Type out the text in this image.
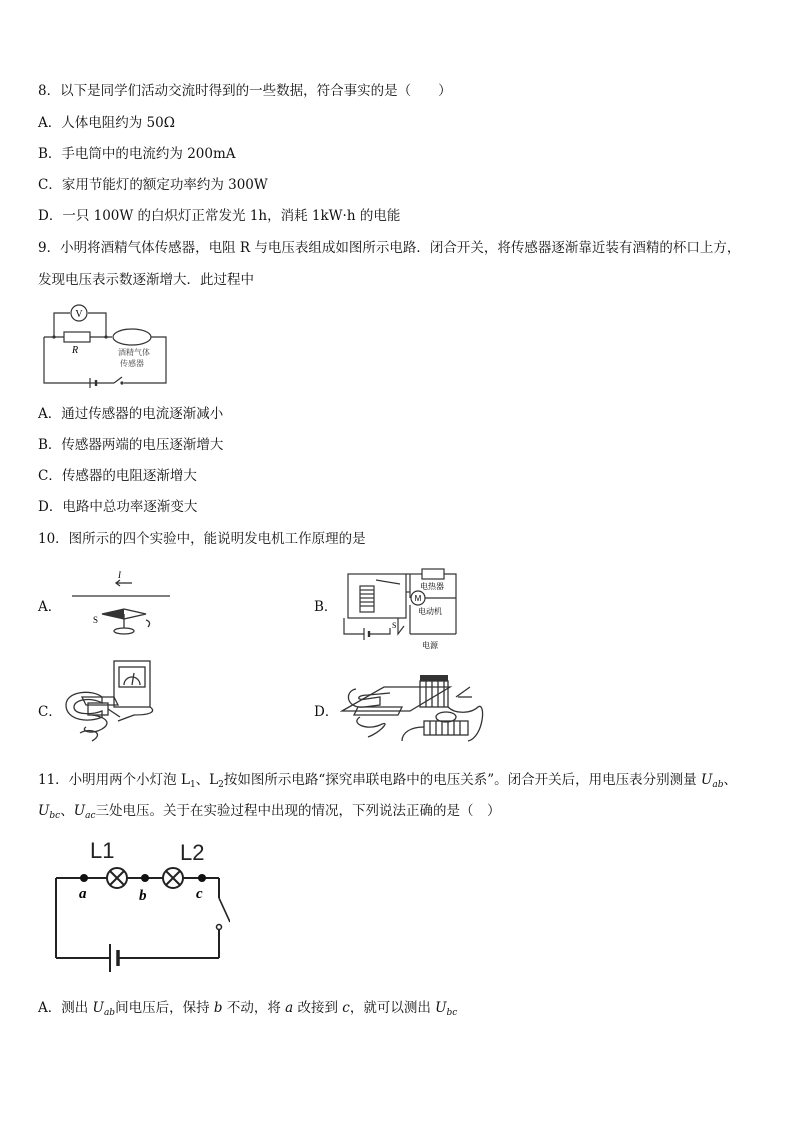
8．以下是同学们活动交流时得到的一些数据，符合事实的是（　　）
A．人体电阻约为 50Ω
B．手电筒中的电流约为 200mA
C．家用节能灯的额定功率约为 300W
D．一只 100W 的白炽灯正常发光 1h，消耗 1kW·h 的电能
9．小明将酒精气体传感器，电阻 R 与电压表组成如图所示电路．闭合开关，将传感器逐渐靠近装有酒精的杯口上方，
发现电压表示数逐渐增大．此过程中
V
R	酒精气体
传感器
A．通过传感器的电流逐渐减小
B．传感器两端的电压逐渐增大
C．传感器的电阻逐渐增大
D．电路中总功率逐渐变大
10．图所示的四个实验中，能说明发电机工作原理的是
A．
I
S
B．
M
电热器
电动机
电源
S
C．	D．
11．小明用两个小灯泡 $L_1$、$L_2$按如图所示电路“探究串联电路中的电压关系”。闭合开关后，用电压表分别测量 $U_{ab}$、
$U_{bc}$、$U_{ac}$三处电压。关于在实验过程中出现的情况，下列说法正确的是（　）
L1	L2
a	b	c
A．测出 $U_{ab}$间电压后，保持 b 不动，将 a 改接到 c，就可以测出 $U_{bc}$
